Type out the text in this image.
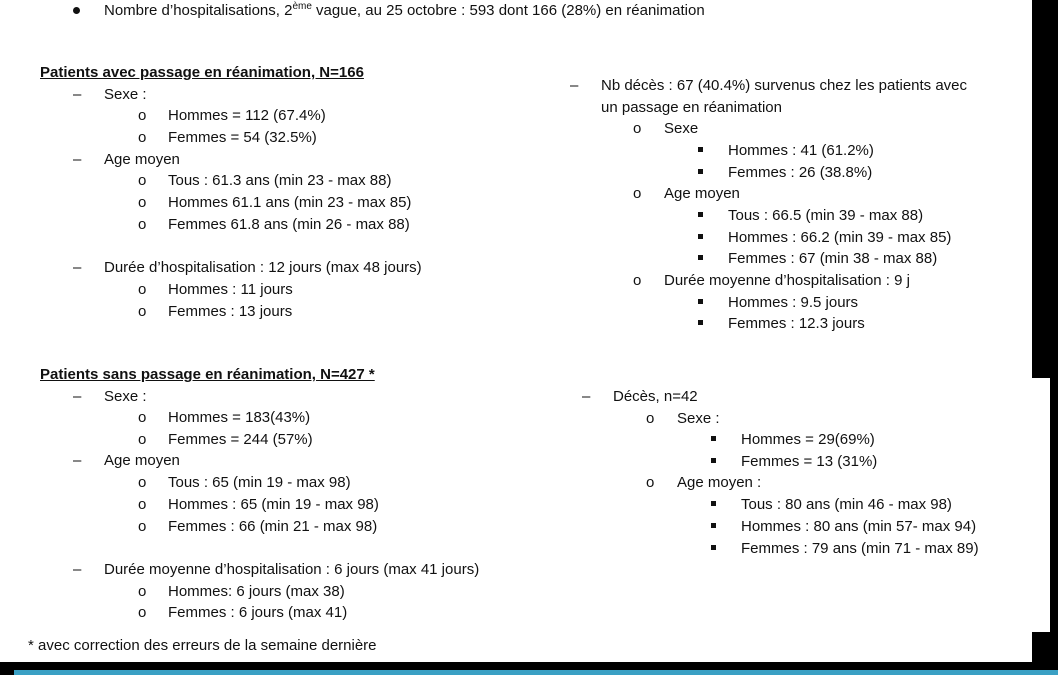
Nombre d’hospitalisations, 2ème vague, au 25 octobre : 593 dont 166 (28%) en réanimation
Patients avec passage en réanimation, N=166
– Sexe :
o Hommes = 112 (67.4%)
o Femmes = 54 (32.5%)
– Age moyen
o Tous : 61.3 ans (min 23 - max 88)
o Hommes 61.1 ans (min 23 - max 85)
o Femmes 61.8 ans (min 26 - max 88)
– Durée d’hospitalisation : 12 jours (max 48 jours)
o Hommes : 11 jours
o Femmes : 13 jours
– Nb décès : 67 (40.4%) survenus chez les patients avec
un passage en réanimation
o Sexe
Hommes : 41 (61.2%)
Femmes : 26 (38.8%)
o Age moyen
Tous : 66.5 (min 39 - max 88)
Hommes : 66.2 (min 39 - max 85)
Femmes : 67 (min 38 - max 88)
o Durée moyenne d’hospitalisation : 9 j
Hommes : 9.5 jours
Femmes : 12.3 jours
Patients sans passage en réanimation, N=427 *
– Sexe :
o Hommes = 183(43%)
o Femmes = 244 (57%)
– Age moyen
o Tous : 65 (min 19 - max 98)
o Hommes : 65 (min 19 - max 98)
o Femmes : 66 (min 21 - max 98)
– Durée moyenne d’hospitalisation : 6 jours (max 41 jours)
o Hommes: 6 jours (max 38)
o Femmes : 6 jours (max 41)
– Décès, n=42
o Sexe :
Hommes = 29(69%)
Femmes = 13 (31%)
o Age moyen :
Tous : 80 ans (min 46 - max 98)
Hommes : 80 ans (min 57- max 94)
Femmes : 79 ans (min 71 - max 89)
* avec correction des erreurs de la semaine dernière
